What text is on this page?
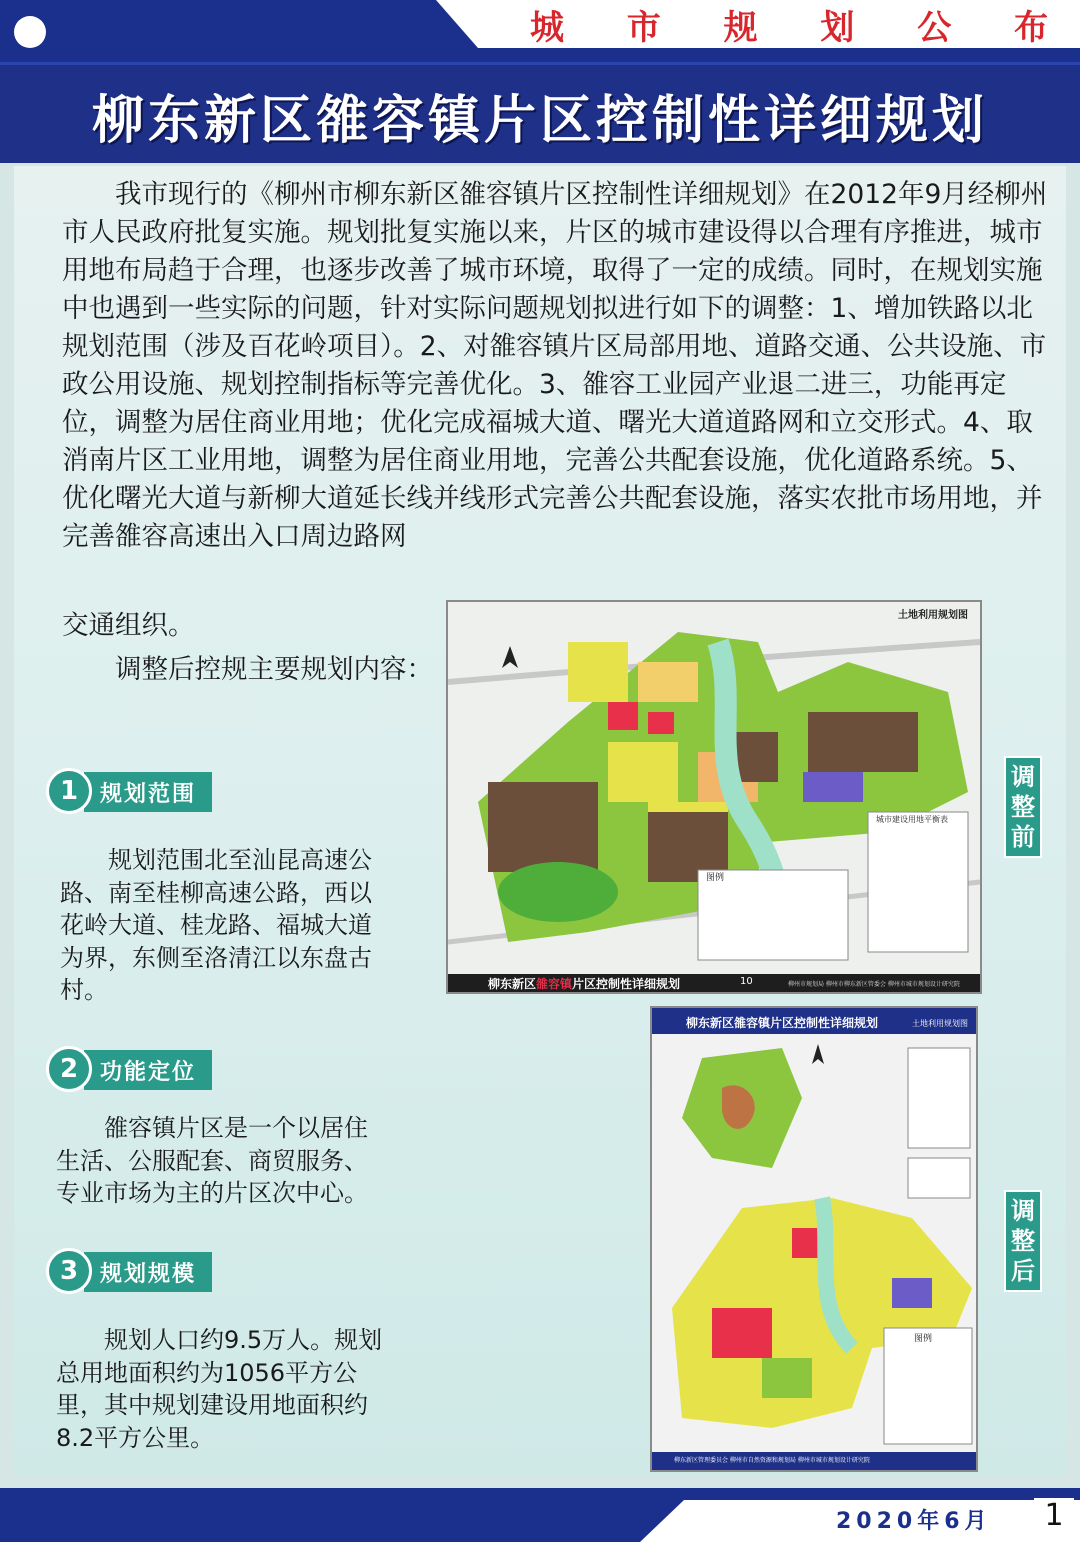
城 市 规 划 公 布
柳东新区雒容镇片区控制性详细规划

我市现行的《柳州市柳东新区雒容镇片区控制性详细规划》在2012年9月经柳州市人民政府批复实施。规划批复实施以来，片区的城市建设得以合理有序推进，城市用地布局趋于合理，也逐步改善了城市环境，取得了一定的成绩。同时，在规划实施中也遇到一些实际的问题，针对实际问题规划拟进行如下的调整：1、增加铁路以北规划范围（涉及百花岭项目）。2、对雒容镇片区局部用地、道路交通、公共设施、市政公用设施、规划控制指标等完善优化。3、雒容工业园产业退二进三，功能再定位，调整为居住商业用地；优化完成福城大道、曙光大道道路网和立交形式。4、取消南片区工业用地，调整为居住商业用地，完善公共配套设施，优化道路系统。5、优化曙光大道与新柳大道延长线并线形式完善公共配套设施，落实农批市场用地，并完善雒容高速出入口周边路网

交通组织。

调整后控规主要规划内容：

规划范围
1

规划范围北至汕昆高速公路、南至桂柳高速公路，西以花岭大道、桂龙路、福城大道为界，东侧至洛清江以东盘古村。

功能定位
2

雒容镇片区是一个以居住生活、公服配套、商贸服务、专业市场为主的片区次中心。

规划规模
3

规划人口约9.5万人。规划总用地面积约为1056平方公里，其中规划建设用地面积约8.2平方公里。

土地利用规划图
图例
城市建设用地平衡表
柳东新区雒容镇片区控制性详细规划	10	柳州市规划局 柳州市柳东新区管委会 柳州市城市规划设计研究院
调整前
柳东新区雒容镇片区控制性详细规划	土地利用规划图
图例
柳东新区管理委员会 柳州市自然资源和规划局 柳州市城市规划设计研究院
调整后
2020年6月	1
